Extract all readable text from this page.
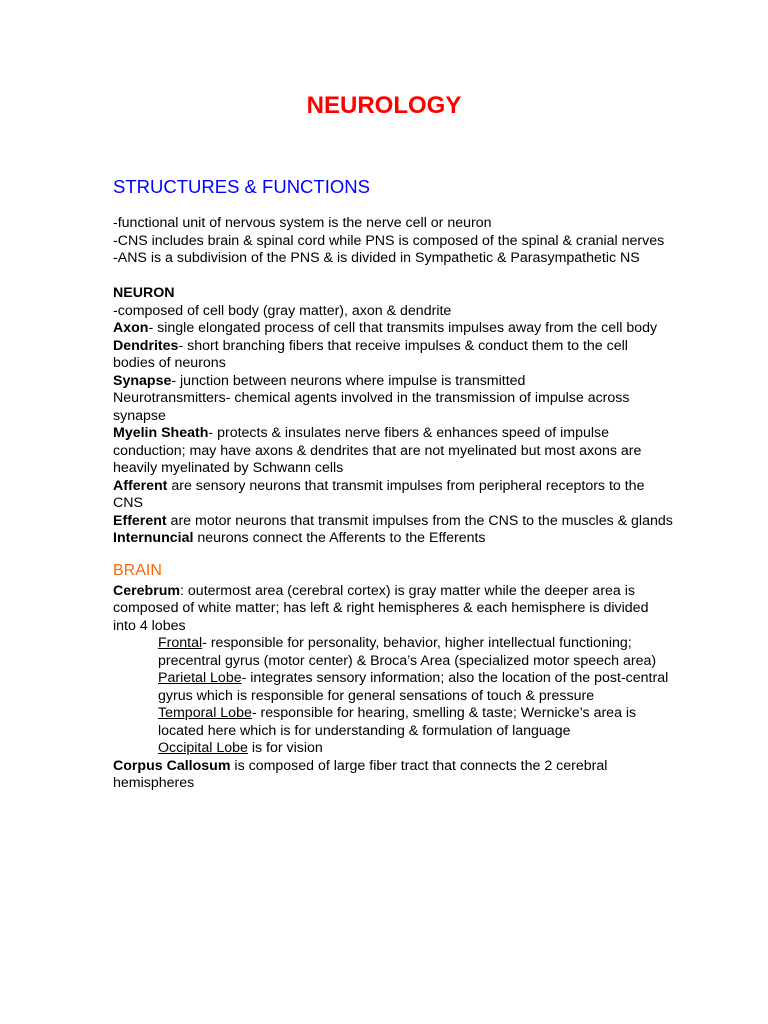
NEUROLOGY
STRUCTURES & FUNCTIONS

-functional unit of nervous system is the nerve cell or neuron

-CNS includes brain & spinal cord while PNS is composed of the spinal & cranial nerves

-ANS is a subdivision of the PNS & is divided in Sympathetic & Parasympathetic NS

NEURON

-composed of cell body (gray matter), axon & dendrite

Axon- single elongated process of cell that transmits impulses away from the cell body

Dendrites- short branching fibers that receive impulses & conduct them to the cell bodies of neurons

Synapse- junction between neurons where impulse is transmitted

Neurotransmitters- chemical agents involved in the transmission of impulse across synapse

Myelin Sheath- protects & insulates nerve fibers & enhances speed of impulse conduction; may have axons & dendrites that are not myelinated but most axons are heavily myelinated by Schwann cells

Afferent are sensory neurons that transmit impulses from peripheral receptors to the CNS

Efferent are motor neurons that transmit impulses from the CNS to the muscles & glands

Internuncial neurons connect the Afferents to the Efferents

BRAIN

Cerebrum: outermost area (cerebral cortex) is gray matter while the deeper area is composed of white matter; has left & right hemispheres & each hemisphere is divided into 4 lobes

Frontal- responsible for personality, behavior, higher intellectual functioning; precentral gyrus (motor center) & Broca’s Area (specialized motor speech area)

Parietal Lobe- integrates sensory information; also the location of the post-central gyrus which is responsible for general sensations of touch & pressure

Temporal Lobe- responsible for hearing, smelling & taste; Wernicke’s area is located here which is for understanding & formulation of language

Occipital Lobe is for vision

Corpus Callosum is composed of large fiber tract that connects the 2 cerebral hemispheres
